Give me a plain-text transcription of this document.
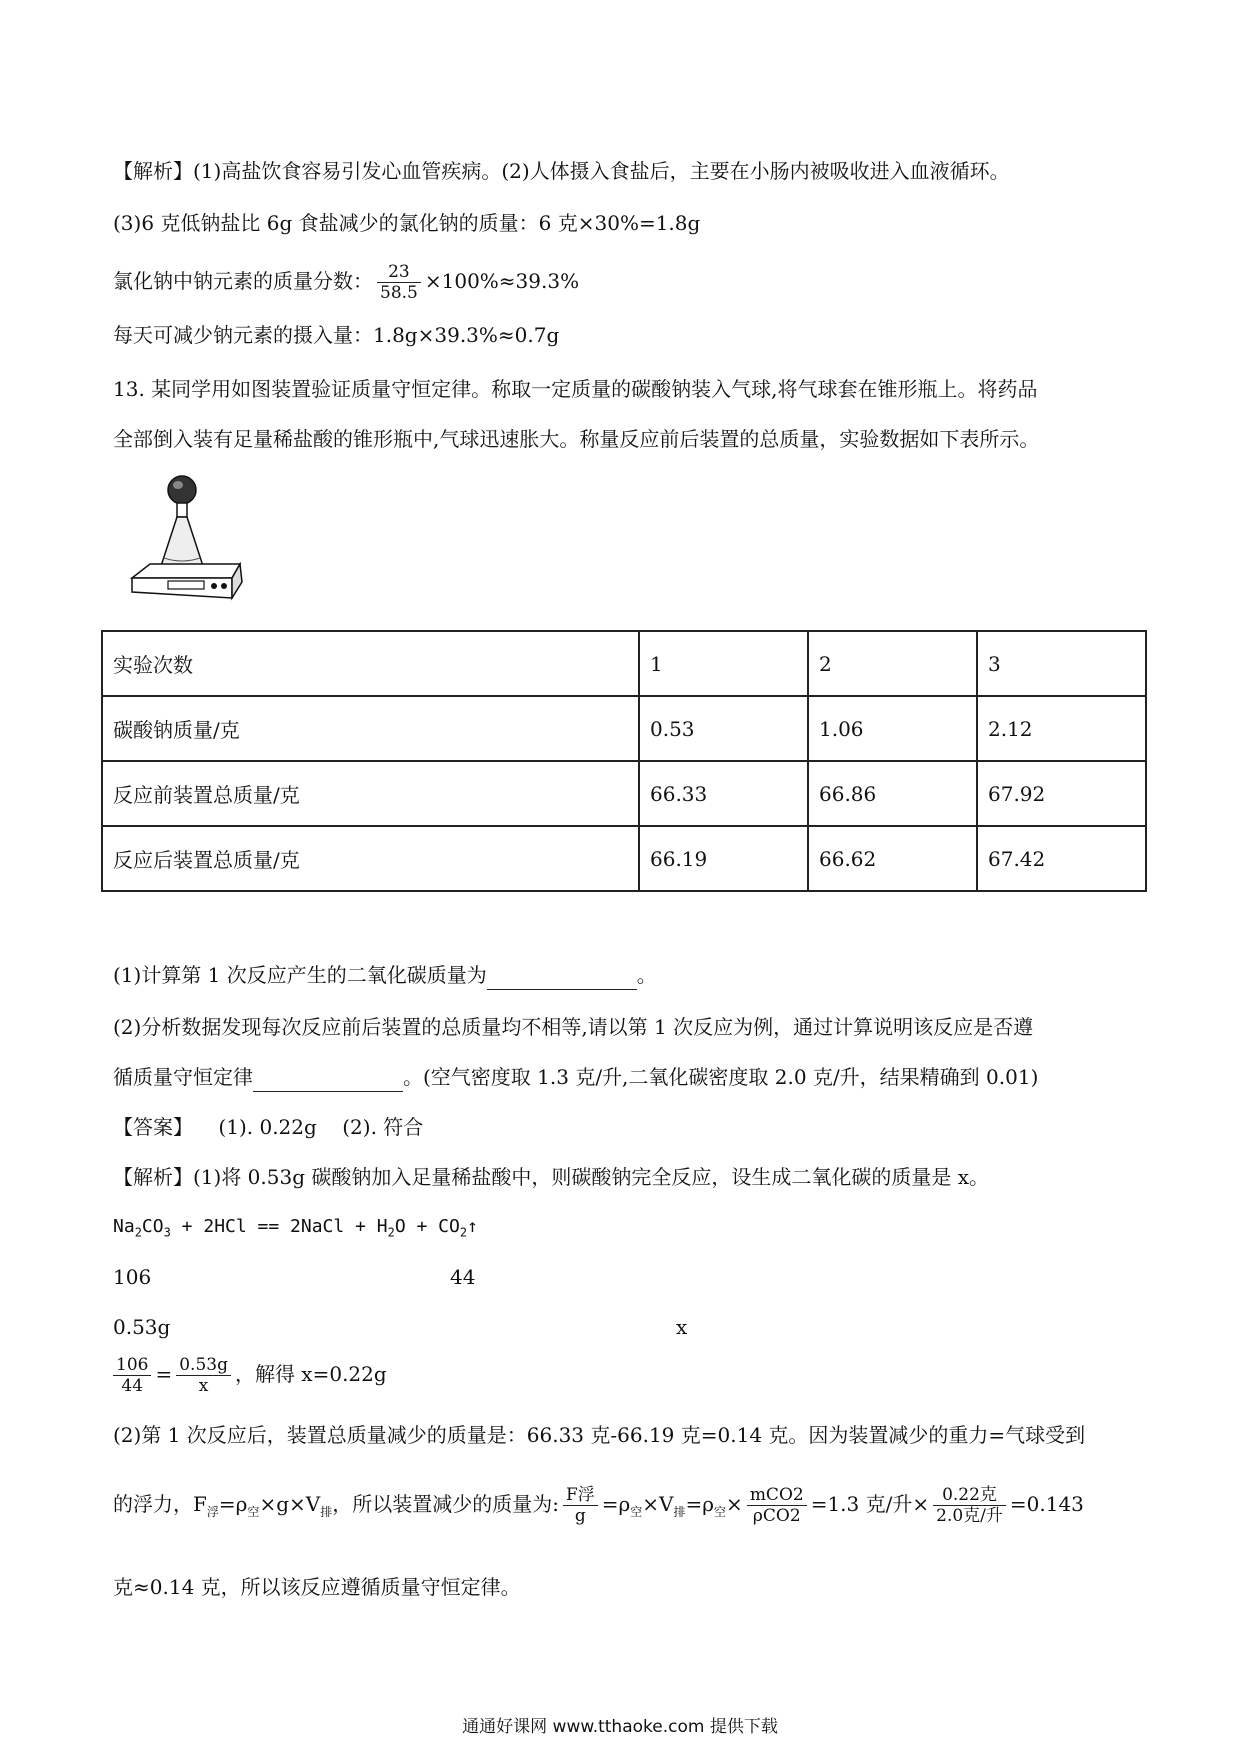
【解析】(1)高盐饮食容易引发心血管疾病。(2)人体摄入食盐后，主要在小肠内被吸收进入血液循环。
(3)6 克低钠盐比 6g 食盐减少的氯化钠的质量：6 克×30%=1.8g
氯化钠中钠元素的质量分数： $\frac{23}{58.5} \times 100\%\approx 39.3\%$
每天可减少钠元素的摄入量：1.8g×39.3%≈0.7g
13. 某同学用如图装置验证质量守恒定律。称取一定质量的碳酸钠装入气球,将气球套在锥形瓶上。将药品
全部倒入装有足量稀盐酸的锥形瓶中,气球迅速胀大。称量反应前后装置的总质量，实验数据如下表所示。
实验次数	1	2	3
碳酸钠质量/克	0.53	1.06	2.12
反应前装置总质量/克	66.33	66.86	67.92
反应后装置总质量/克	66.19	66.62	67.42
(1)计算第 1 次反应产生的二氧化碳质量为	。
(2)分析数据发现每次反应前后装置的总质量均不相等,请以第 1 次反应为例，通过计算说明该反应是否遵
循质量守恒定律	。(空气密度取 1.3 克/升,二氧化碳密度取 2.0 克/升，结果精确到 0.01)
【答案】    (1). 0.22g    (2). 符合
【解析】(1)将 0.53g 碳酸钠加入足量稀盐酸中，则碳酸钠完全反应，设生成二氧化碳的质量是 x。
$Na_2CO_3 + 2HCl$ == 2NaCl + $H_2O$ + $CO_2↑$
106	44
0.53g	x
$\frac{106}{44} = \frac{0.53g}{x}$ ，解得 x=0.22g
(2)第 1 次反应后，装置总质量减少的质量是：66.33 克-66.19 克=0.14 克。因为装置减少的重力=气球受到
的浮力，$F_浮=\rho_空\times g\times V_排$，所以装置减少的质量为: $\frac{\text{F浮}}{g} =\rho_空\times V_排=\rho_空\times \frac{\text{mCO2}}{\text{ρCO2}} =1.3$ 克/升× $\frac{\text{0.22克}}{\text{2.0克/升}} =0.143$
克≈0.14 克，所以该反应遵循质量守恒定律。
通通好课网 www.tthaoke.com 提供下载
